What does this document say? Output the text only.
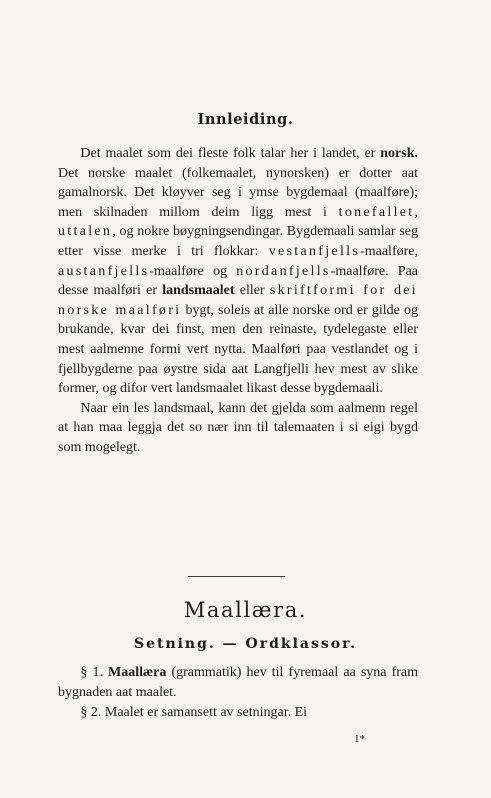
Innleiding.

Det maalet som dei fleste folk talar her i landet, er norsk. Det norske maalet (folkemaalet, nynorsken) er dotter aat gamalnorsk. Det kløyver seg i ymse bygdemaal (maalføre); men skilnaden millom deim ligg mest i tonefallet, uttalen, og nokre bøygningsendingar. Bygdemaali samlar seg etter visse merke i tri flokkar: vestanfjells-maalføre, austanfjells-maalføre og nordanfjells-maalføre. Paa desse maalføri er landsmaalet eller skriftformi for dei norske maalføri bygt, soleis at alle norske ord er gilde og brukande, kvar dei finst, men den reinaste, tydelegaste eller mest aalmenne formi vert nytta. Maalføri paa vestlandet og i fjellbygderne paa øystre sida aat Langfjelli hev mest av slike former, og difor vert landsmaalet likast desse bygdemaali.

Naar ein les landsmaal, kann det gjelda som aalmenn regel at han maa leggja det so nær inn til talemaaten i si eigi bygd som mogelegt.

Maallæra.
Setning. — Ordklassor.

§ 1. Maallæra (grammatik) hev til fyremaal aa syna fram bygnaden aat maalet.

§ 2. Maalet er samansett av setningar. Ei

1*
